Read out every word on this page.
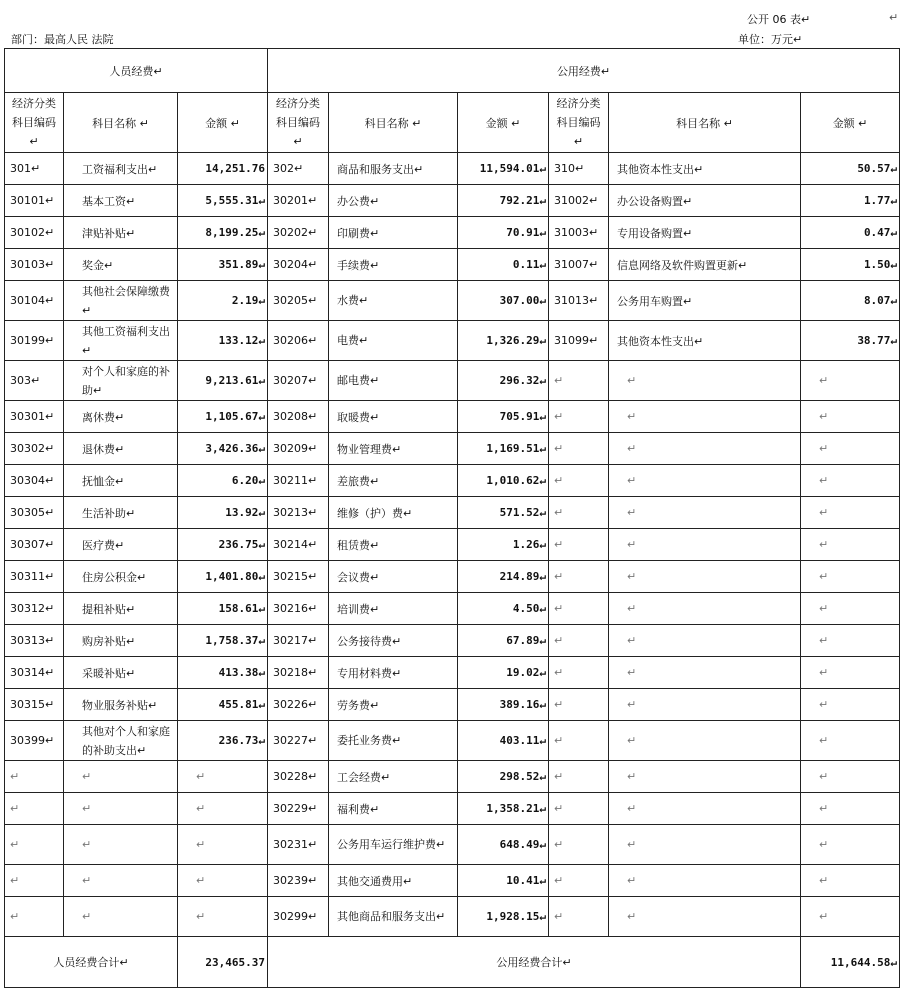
公开 06 表↵	↵
部门：最高人民 法院	单位：万元↵
人员经费↵			公用经费↵					
经济分类科目编码 ↵	科目名称 ↵	金额 ↵	经济分类科目编码 ↵	科目名称 ↵	金额 ↵	经济分类科目编码 ↵	科目名称 ↵	金额 ↵
301↵	工资福利支出↵	14,251.76	302↵	商品和服务支出↵	11,594.01↵	310↵	其他资本性支出↵	50.57↵
30101↵	基本工资↵	5,555.31↵	30201↵	办公费↵	792.21↵	31002↵	办公设备购置↵	1.77↵
30102↵	津贴补贴↵	8,199.25↵	30202↵	印刷费↵	70.91↵	31003↵	专用设备购置↵	0.47↵
30103↵	奖金↵	351.89↵	30204↵	手续费↵	0.11↵	31007↵	信息网络及软件购置更新↵	1.50↵
30104↵	其他社会保障缴费↵	2.19↵	30205↵	水费↵	307.00↵	31013↵	公务用车购置↵	8.07↵
30199↵	其他工资福利支出↵	133.12↵	30206↵	电费↵	1,326.29↵	31099↵	其他资本性支出↵	38.77↵
303↵	对个人和家庭的补助↵	9,213.61↵	30207↵	邮电费↵	296.32↵	↵	↵	↵
30301↵	离休费↵	1,105.67↵	30208↵	取暖费↵	705.91↵	↵	↵	↵
30302↵	退休费↵	3,426.36↵	30209↵	物业管理费↵	1,169.51↵	↵	↵	↵
30304↵	抚恤金↵	6.20↵	30211↵	差旅费↵	1,010.62↵	↵	↵	↵
30305↵	生活补助↵	13.92↵	30213↵	维修（护）费↵	571.52↵	↵	↵	↵
30307↵	医疗费↵	236.75↵	30214↵	租赁费↵	1.26↵	↵	↵	↵
30311↵	住房公积金↵	1,401.80↵	30215↵	会议费↵	214.89↵	↵	↵	↵
30312↵	提租补贴↵	158.61↵	30216↵	培训费↵	4.50↵	↵	↵	↵
30313↵	购房补贴↵	1,758.37↵	30217↵	公务接待费↵	67.89↵	↵	↵	↵
30314↵	采暖补贴↵	413.38↵	30218↵	专用材料费↵	19.02↵	↵	↵	↵
30315↵	物业服务补贴↵	455.81↵	30226↵	劳务费↵	389.16↵	↵	↵	↵
30399↵	其他对个人和家庭的补助支出↵	236.73↵	30227↵	委托业务费↵	403.11↵	↵	↵	↵
↵	↵	↵	30228↵	工会经费↵	298.52↵	↵	↵	↵
↵	↵	↵	30229↵	福利费↵	1,358.21↵	↵	↵	↵
↵	↵	↵	30231↵	公务用车运行维护费↵	648.49↵	↵	↵	↵
↵	↵	↵	30239↵	其他交通费用↵	10.41↵	↵	↵	↵
↵	↵	↵	30299↵	其他商品和服务支出↵	1,928.15↵	↵	↵	↵
人员经费合计↵	23,465.37	公用经费合计↵	11,644.58↵
